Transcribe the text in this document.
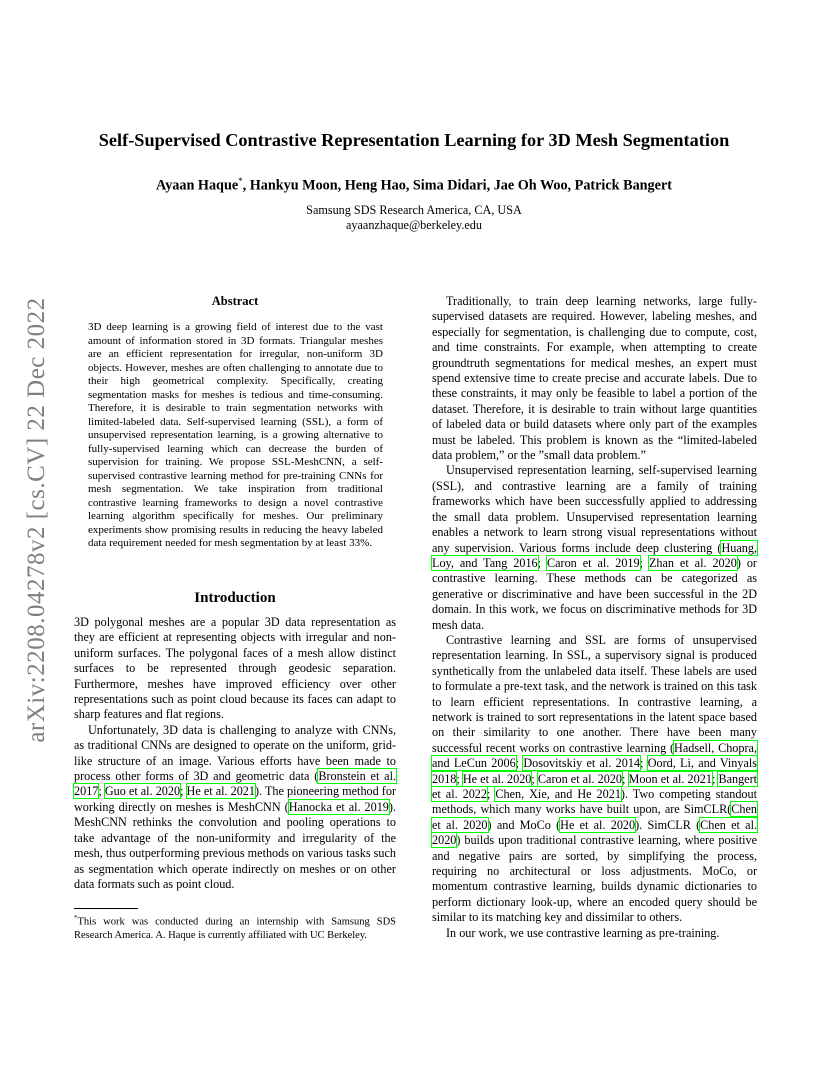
arXiv:2208.04278v2 [cs.CV] 22 Dec 2022
Self-Supervised Contrastive Representation Learning for 3D Mesh Segmentation
Ayaan Haque*, Hankyu Moon, Heng Hao, Sima Didari, Jae Oh Woo, Patrick Bangert
Samsung SDS Research America, CA, USA
ayaanzhaque@berkeley.edu
Abstract
3D deep learning is a growing field of interest due to the vast amount of information stored in 3D formats. Triangular meshes are an efficient representation for irregular, non-uniform 3D objects. However, meshes are often challenging to annotate due to their high geometrical complexity. Specifically, creating segmentation masks for meshes is tedious and time-consuming. Therefore, it is desirable to train segmentation networks with limited-labeled data. Self-supervised learning (SSL), a form of unsupervised representation learning, is a growing alternative to fully-supervised learning which can decrease the burden of supervision for training. We propose SSL-MeshCNN, a self-supervised contrastive learning method for pre-training CNNs for mesh segmentation. We take inspiration from traditional contrastive learning frameworks to design a novel contrastive learning algorithm specifically for meshes. Our preliminary experiments show promising results in reducing the heavy labeled data requirement needed for mesh segmentation by at least 33%.
Introduction

3D polygonal meshes are a popular 3D data representation as they are efficient at representing objects with irregular and non-uniform surfaces. The polygonal faces of a mesh allow distinct surfaces to be represented through geodesic separation. Furthermore, meshes have improved efficiency over other representations such as point cloud because its faces can adapt to sharp features and flat regions.

Unfortunately, 3D data is challenging to analyze with CNNs, as traditional CNNs are designed to operate on the uniform, grid-like structure of an image. Various efforts have been made to process other forms of 3D and geometric data (Bronstein et al. 2017; Guo et al. 2020; He et al. 2021). The pioneering method for working directly on meshes is MeshCNN (Hanocka et al. 2019). MeshCNN rethinks the convolution and pooling operations to take advantage of the non-uniformity and irregularity of the mesh, thus outperforming previous methods on various tasks such as segmentation which operate indirectly on meshes or on other data formats such as point cloud.

*This work was conducted during an internship with Samsung SDS Research America. A. Haque is currently affiliated with UC Berkeley.

Traditionally, to train deep learning networks, large fully-supervised datasets are required. However, labeling meshes, and especially for segmentation, is challenging due to compute, cost, and time constraints. For example, when attempting to create groundtruth segmentations for medical meshes, an expert must spend extensive time to create precise and accurate labels. Due to these constraints, it may only be feasible to label a portion of the dataset. Therefore, it is desirable to train without large quantities of labeled data or build datasets where only part of the examples must be labeled. This problem is known as the “limited-labeled data problem,” or the ”small data problem.”

Unsupervised representation learning, self-supervised learning (SSL), and contrastive learning are a family of training frameworks which have been successfully applied to addressing the small data problem. Unsupervised representation learning enables a network to learn strong visual representations without any supervision. Various forms include deep clustering (Huang, Loy, and Tang 2016; Caron et al. 2019; Zhan et al. 2020) or contrastive learning. These methods can be categorized as generative or discriminative and have been successful in the 2D domain. In this work, we focus on discriminative methods for 3D mesh data.

Contrastive learning and SSL are forms of unsupervised representation learning. In SSL, a supervisory signal is produced synthetically from the unlabeled data itself. These labels are used to formulate a pre-text task, and the network is trained on this task to learn efficient representations. In contrastive learning, a network is trained to sort representations in the latent space based on their similarity to one another. There have been many successful recent works on contrastive learning (Hadsell, Chopra, and LeCun 2006; Dosovitskiy et al. 2014; Oord, Li, and Vinyals 2018; He et al. 2020; Caron et al. 2020; Moon et al. 2021; Bangert et al. 2022; Chen, Xie, and He 2021). Two competing standout methods, which many works have built upon, are SimCLR(Chen et al. 2020) and MoCo (He et al. 2020). SimCLR (Chen et al. 2020) builds upon traditional contrastive learning, where positive and negative pairs are sorted, by simplifying the process, requiring no architectural or loss adjustments. MoCo, or momentum contrastive learning, builds dynamic dictionaries to perform dictionary look-up, where an encoded query should be similar to its matching key and dissimilar to others.

In our work, we use contrastive learning as pre-training.
